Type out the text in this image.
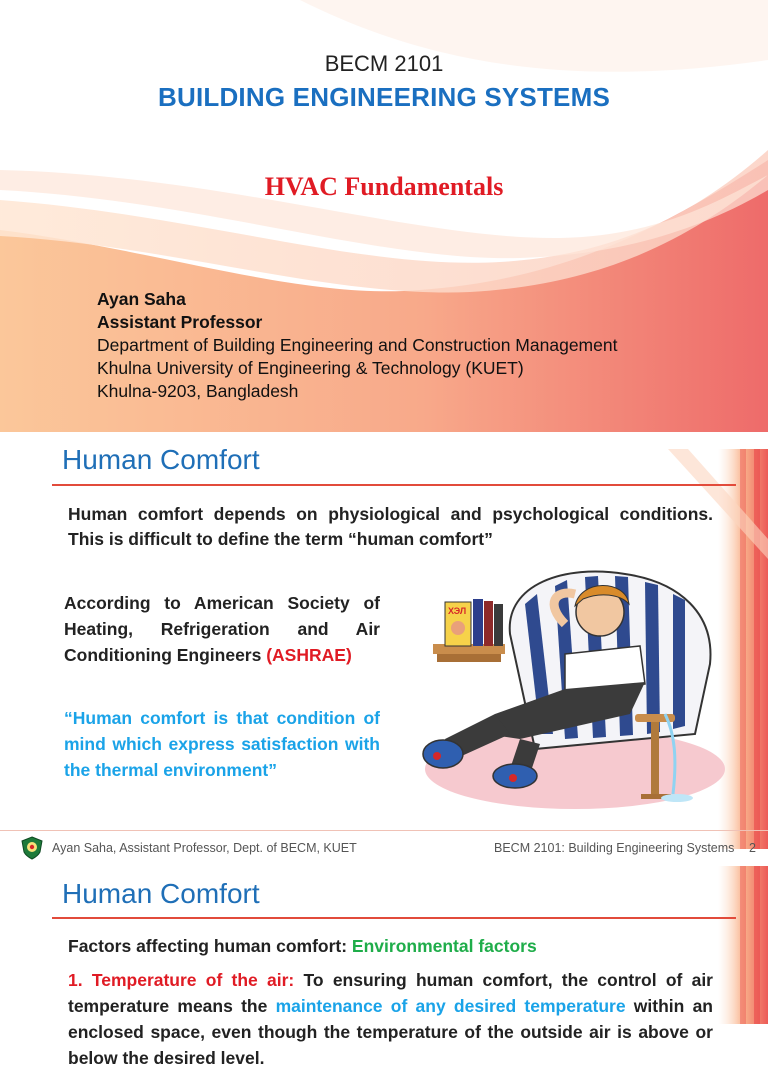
BECM 2101
BUILDING ENGINEERING SYSTEMS
HVAC Fundamentals
Ayan Saha
Assistant Professor
Department of Building Engineering and Construction Management
Khulna University of Engineering & Technology (KUET)
Khulna-9203, Bangladesh
Human Comfort
Human comfort depends on physiological and psychological conditions. This is difficult to define the term “human comfort”
According to American Society of Heating, Refrigeration and Air Conditioning Engineers (ASHRAE)
“Human comfort is that condition of mind which express satisfaction with the thermal environment”
ХЭЛ
Ayan Saha, Assistant Professor, Dept. of BECM, KUET	BECM 2101: Building Engineering Systems 2
Human Comfort
Factors affecting human comfort: Environmental factors
1. Temperature of the air: To ensuring human comfort, the control of air temperature means the maintenance of any desired temperature within an enclosed space, even though the temperature of the outside air is above or below the desired level.
